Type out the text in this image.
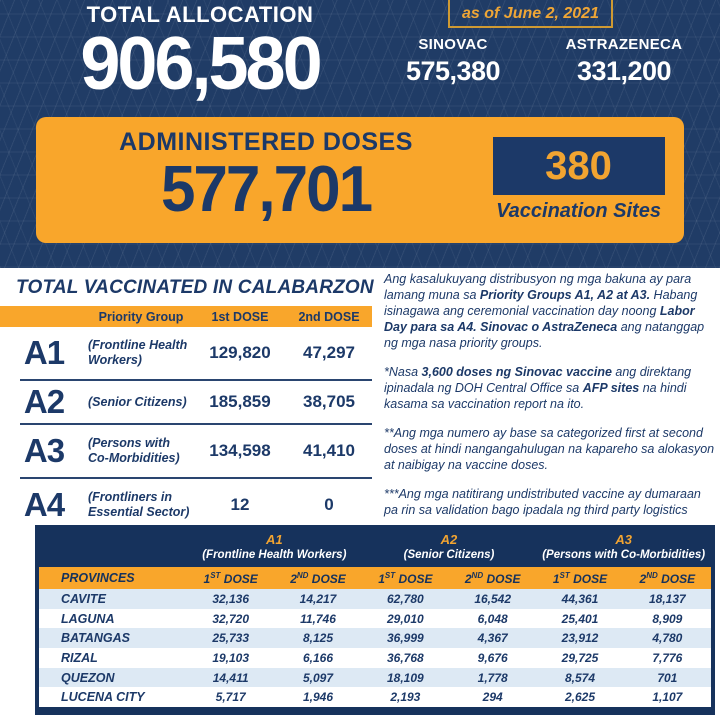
TOTAL ALLOCATION
906,580
as of June 2, 2021
SINOVAC
575,380
ASTRAZENECA
331,200
ADMINISTERED DOSES
577,701	380
Vaccination Sites
TOTAL VACCINATED IN CALABARZON
Priority Group	1st DOSE	2nd DOSE
A1	(Frontline Health Workers)	129,820	47,297
A2	(Senior Citizens)	185,859	38,705
A3	(Persons with Co-Morbidities)	134,598	41,410
A4	(Frontliners in Essential Sector)	12	0
Ang kasalukuyang distribusyon ng mga bakuna ay para lamang muna sa Priority Groups A1, A2 at A3. Habang isinagawa ang ceremonial vaccination day noong Labor Day para sa A4. Sinovac o AstraZeneca ang natanggap ng mga nasa priority groups.
*Nasa 3,600 doses ng Sinovac vaccine ang direktang ipinadala ng DOH Central Office sa AFP sites na hindi kasama sa vaccination report na ito.
**Ang mga numero ay base sa categorized first at second doses at hindi nangangahulugan na kapareho sa alokasyon at naibigay na vaccine doses.
***Ang mga natitirang undistributed vaccine ay dumaraan pa rin sa validation bago ipadala ng third party logistics
A1
(Frontline Health Workers)
A2
(Senior Citizens)
A3
(Persons with Co-Morbidities)
PROVINCES	1ST DOSE	2ND DOSE	1ST DOSE	2ND DOSE	1ST DOSE	2ND DOSE
CAVITE	32,136	14,217	62,780	16,542	44,361	18,137
LAGUNA	32,720	11,746	29,010	6,048	25,401	8,909
BATANGAS	25,733	8,125	36,999	4,367	23,912	4,780
RIZAL	19,103	6,166	36,768	9,676	29,725	7,776
QUEZON	14,411	5,097	18,109	1,778	8,574	701
LUCENA CITY	5,717	1,946	2,193	294	2,625	1,107
